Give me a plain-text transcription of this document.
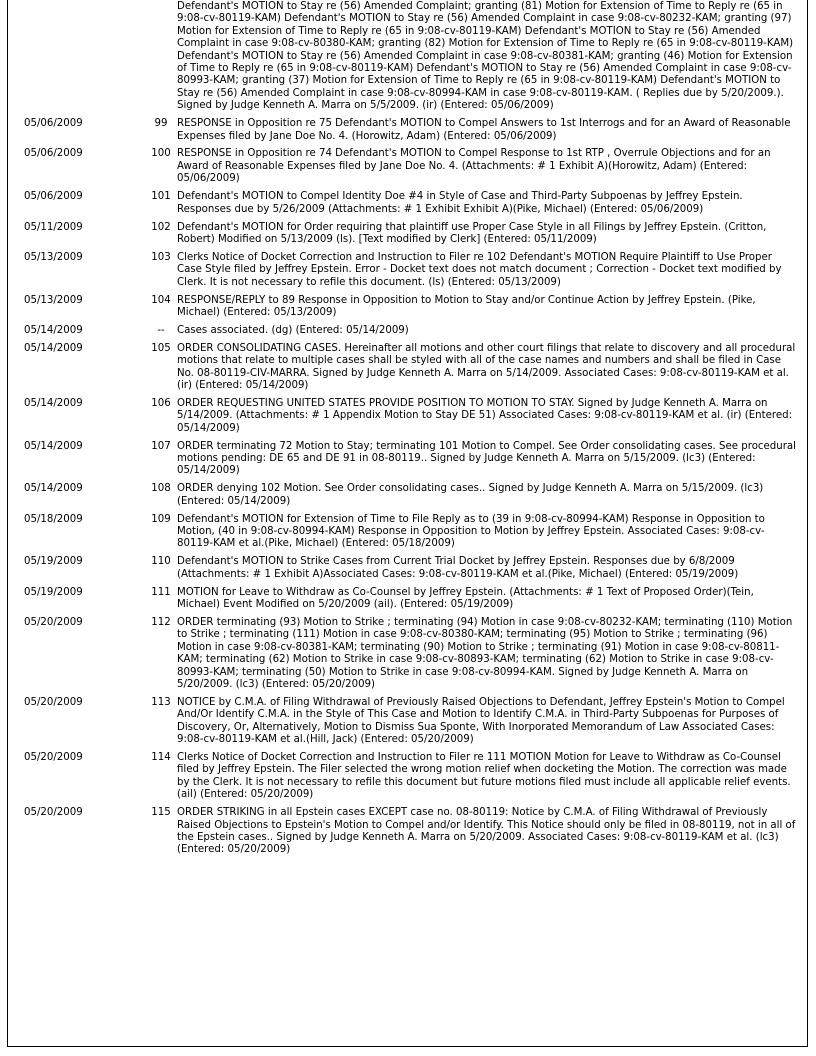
		Defendant's MOTION to Stay re (56) Amended Complaint; granting (81) Motion for Extension of Time to Reply re (65 in 9:08-cv-80119-KAM) Defendant's MOTION to Stay re (56) Amended Complaint in case 9:08-cv-80232-KAM; granting (97) Motion for Extension of Time to Reply re (65 in 9:08-cv-80119-KAM) Defendant's MOTION to Stay re (56) Amended Complaint in case 9:08-cv-80380-KAM; granting (82) Motion for Extension of Time to Reply re (65 in 9:08-cv-80119-KAM) Defendant's MOTION to Stay re (56) Amended Complaint in case 9:08-cv-80381-KAM; granting (46) Motion for Extension of Time to Reply re (65 in 9:08-cv-80119-KAM) Defendant's MOTION to Stay re (56) Amended Complaint in case 9:08-cv-80993-KAM; granting (37) Motion for Extension of Time to Reply re (65 in 9:08-cv-80119-KAM) Defendant's MOTION to Stay re (56) Amended Complaint in case 9:08-cv-80994-KAM in case 9:08-cv-80119-KAM. ( Replies due by 5/20/2009.). Signed by Judge Kenneth A. Marra on 5/5/2009. (ir) (Entered: 05/06/2009)
05/06/2009	99	RESPONSE in Opposition re 75 Defendant's MOTION to Compel Answers to 1st Interrogs and for an Award of Reasonable Expenses filed by Jane Doe No. 4. (Horowitz, Adam) (Entered: 05/06/2009)
05/06/2009	100	RESPONSE in Opposition re 74 Defendant's MOTION to Compel Response to 1st RTP , Overrule Objections and for an Award of Reasonable Expenses filed by Jane Doe No. 4. (Attachments: # 1 Exhibit A)(Horowitz, Adam) (Entered: 05/06/2009)
05/06/2009	101	Defendant's MOTION to Compel Identity Doe #4 in Style of Case and Third-Party Subpoenas by Jeffrey Epstein. Responses due by 5/26/2009 (Attachments: # 1 Exhibit Exhibit A)(Pike, Michael) (Entered: 05/06/2009)
05/11/2009	102	Defendant's MOTION for Order requiring that plaintiff use Proper Case Style in all Filings by Jeffrey Epstein. (Critton, Robert) Modified on 5/13/2009 (ls). [Text modified by Clerk] (Entered: 05/11/2009)
05/13/2009	103	Clerks Notice of Docket Correction and Instruction to Filer re 102 Defendant's MOTION Require Plaintiff to Use Proper Case Style filed by Jeffrey Epstein. Error - Docket text does not match document ; Correction - Docket text modified by Clerk. It is not necessary to refile this document. (ls) (Entered: 05/13/2009)
05/13/2009	104	RESPONSE/REPLY to 89 Response in Opposition to Motion to Stay and/or Continue Action by Jeffrey Epstein. (Pike, Michael) (Entered: 05/13/2009)
05/14/2009	--	Cases associated. (dg) (Entered: 05/14/2009)
05/14/2009	105	ORDER CONSOLIDATING CASES. Hereinafter all motions and other court filings that relate to discovery and all procedural motions that relate to multiple cases shall be styled with all of the case names and numbers and shall be filed in Case No. 08-80119-CIV-MARRA. Signed by Judge Kenneth A. Marra on 5/14/2009. Associated Cases: 9:08-cv-80119-KAM et al. (ir) (Entered: 05/14/2009)
05/14/2009	106	ORDER REQUESTING UNITED STATES PROVIDE POSITION TO MOTION TO STAY. Signed by Judge Kenneth A. Marra on 5/14/2009. (Attachments: # 1 Appendix Motion to Stay DE 51) Associated Cases: 9:08-cv-80119-KAM et al. (ir) (Entered: 05/14/2009)
05/14/2009	107	ORDER terminating 72 Motion to Stay; terminating 101 Motion to Compel. See Order consolidating cases. See procedural motions pending: DE 65 and DE 91 in 08-80119.. Signed by Judge Kenneth A. Marra on 5/15/2009. (lc3) (Entered: 05/14/2009)
05/14/2009	108	ORDER denying 102 Motion. See Order consolidating cases.. Signed by Judge Kenneth A. Marra on 5/15/2009. (lc3) (Entered: 05/14/2009)
05/18/2009	109	Defendant's MOTION for Extension of Time to File Reply as to (39 in 9:08-cv-80994-KAM) Response in Opposition to Motion, (40 in 9:08-cv-80994-KAM) Response in Opposition to Motion by Jeffrey Epstein. Associated Cases: 9:08-cv-80119-KAM et al.(Pike, Michael) (Entered: 05/18/2009)
05/19/2009	110	Defendant's MOTION to Strike Cases from Current Trial Docket by Jeffrey Epstein. Responses due by 6/8/2009 (Attachments: # 1 Exhibit A)Associated Cases: 9:08-cv-80119-KAM et al.(Pike, Michael) (Entered: 05/19/2009)
05/19/2009	111	MOTION for Leave to Withdraw as Co-Counsel by Jeffrey Epstein. (Attachments: # 1 Text of Proposed Order)(Tein, Michael) Event Modified on 5/20/2009 (ail). (Entered: 05/19/2009)
05/20/2009	112	ORDER terminating (93) Motion to Strike ; terminating (94) Motion in case 9:08-cv-80232-KAM; terminating (110) Motion to Strike ; terminating (111) Motion in case 9:08-cv-80380-KAM; terminating (95) Motion to Strike ; terminating (96) Motion in case 9:08-cv-80381-KAM; terminating (90) Motion to Strike ; terminating (91) Motion in case 9:08-cv-80811-KAM; terminating (62) Motion to Strike in case 9:08-cv-80893-KAM; terminating (62) Motion to Strike in case 9:08-cv-80993-KAM; terminating (50) Motion to Strike in case 9:08-cv-80994-KAM. Signed by Judge Kenneth A. Marra on 5/20/2009. (lc3) (Entered: 05/20/2009)
05/20/2009	113	NOTICE by C.M.A. of Filing Withdrawal of Previously Raised Objections to Defendant, Jeffrey Epstein's Motion to Compel And/Or Identify C.M.A. in the Style of This Case and Motion to Identify C.M.A. in Third-Party Subpoenas for Purposes of Discovery, Or, Alternatively, Motion to Dismiss Sua Sponte, With Inorporated Memorandum of Law Associated Cases: 9:08-cv-80119-KAM et al.(Hill, Jack) (Entered: 05/20/2009)
05/20/2009	114	Clerks Notice of Docket Correction and Instruction to Filer re 111 MOTION Motion for Leave to Withdraw as Co-Counsel filed by Jeffrey Epstein. The Filer selected the wrong motion relief when docketing the Motion. The correction was made by the Clerk. It is not necessary to refile this document but future motions filed must include all applicable relief events. (ail) (Entered: 05/20/2009)
05/20/2009	115	ORDER STRIKING in all Epstein cases EXCEPT case no. 08-80119: Notice by C.M.A. of Filing Withdrawal of Previously Raised Objections to Epstein's Motion to Compel and/or Identify. This Notice should only be filed in 08-80119, not in all of the Epstein cases.. Signed by Judge Kenneth A. Marra on 5/20/2009. Associated Cases: 9:08-cv-80119-KAM et al. (lc3) (Entered: 05/20/2009)
